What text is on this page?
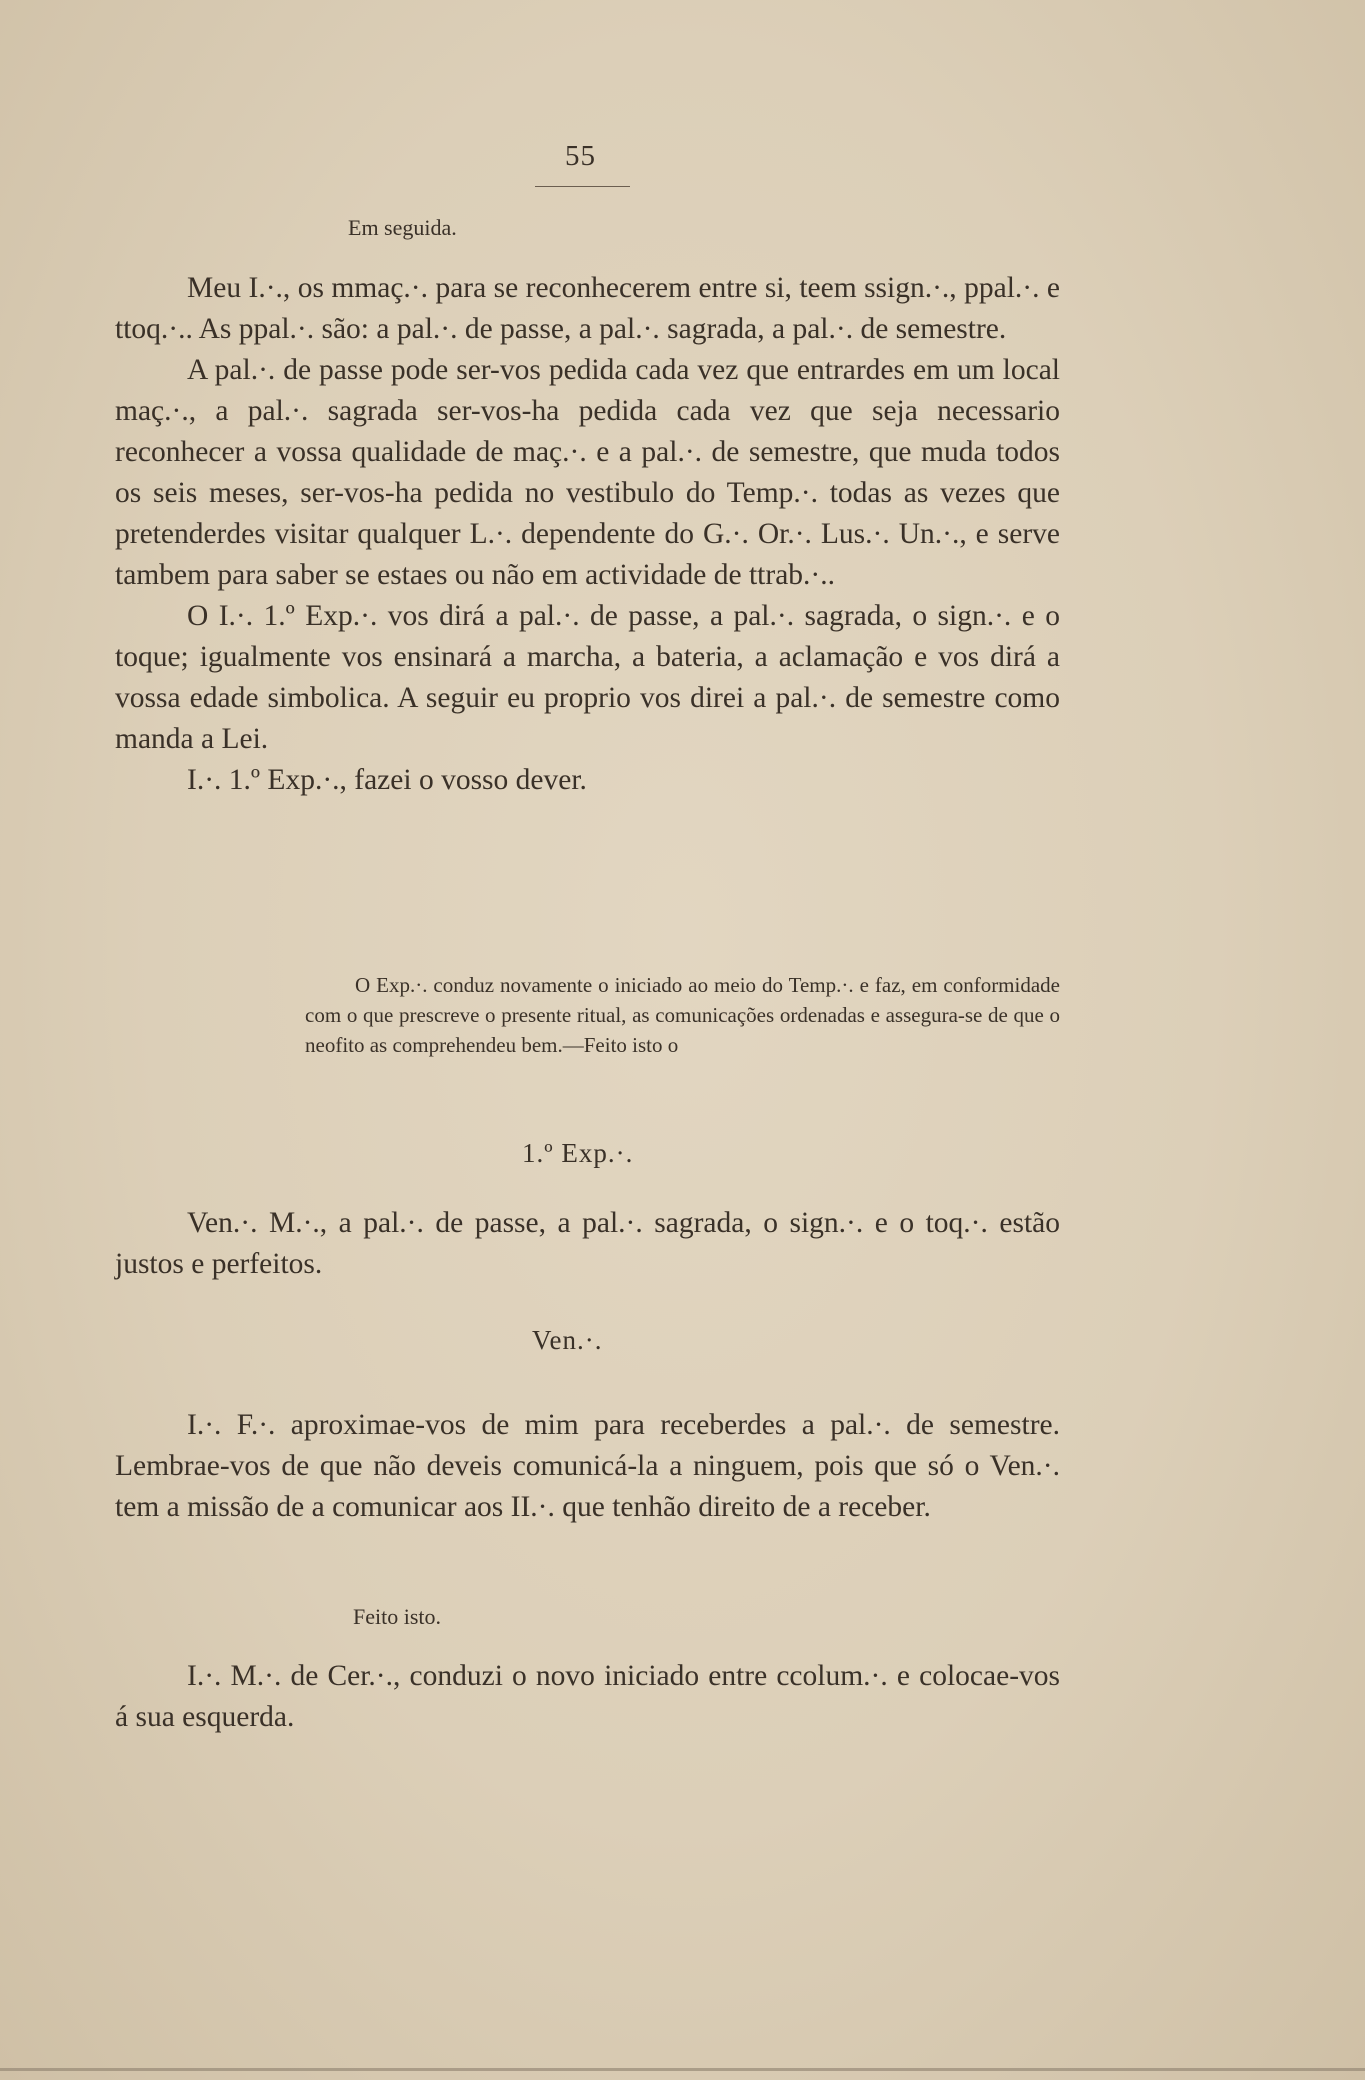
55
Em seguida.

Meu I.·., os mmaç.·. para se reconhecerem entre si, teem ssign.·., ppal.·. e ttoq.·.. As ppal.·. são: a pal.·. de passe, a pal.·. sagrada, a pal.·. de semestre.

A pal.·. de passe pode ser-vos pedida cada vez que entrardes em um local maç.·., a pal.·. sagrada ser-vos-ha pedida cada vez que seja necessario reconhecer a vossa qualidade de maç.·. e a pal.·. de semestre, que muda todos os seis meses, ser-vos-ha pedida no vestibulo do Temp.·. todas as vezes que pretenderdes visitar qualquer L.·. dependente do G.·. Or.·. Lus.·. Un.·., e serve tambem para saber se estaes ou não em actividade de ttrab.·..

O I.·. 1.º Exp.·. vos dirá a pal.·. de passe, a pal.·. sagrada, o sign.·. e o toque; igualmente vos ensinará a marcha, a bateria, a aclamação e vos dirá a vossa edade simbolica. A seguir eu proprio vos direi a pal.·. de semestre como manda a Lei.

I.·. 1.º Exp.·., fazei o vosso dever.

O Exp.·. conduz novamente o iniciado ao meio do Temp.·. e faz, em conformidade com o que prescreve o presente ritual, as comunicações ordenadas e assegura-se de que o neofito as comprehendeu bem.—Feito isto o

1.º Exp.·.

Ven.·. M.·., a pal.·. de passe, a pal.·. sagrada, o sign.·. e o toq.·. estão justos e perfeitos.

Ven.·.

I.·. F.·. aproximae-vos de mim para receberdes a pal.·. de semestre. Lembrae-vos de que não deveis comunicá-la a ninguem, pois que só o Ven.·. tem a missão de a comunicar aos II.·. que tenhão direito de a receber.

Feito isto.

I.·. M.·. de Cer.·., conduzi o novo iniciado entre ccolum.·. e colocae-vos á sua esquerda.
